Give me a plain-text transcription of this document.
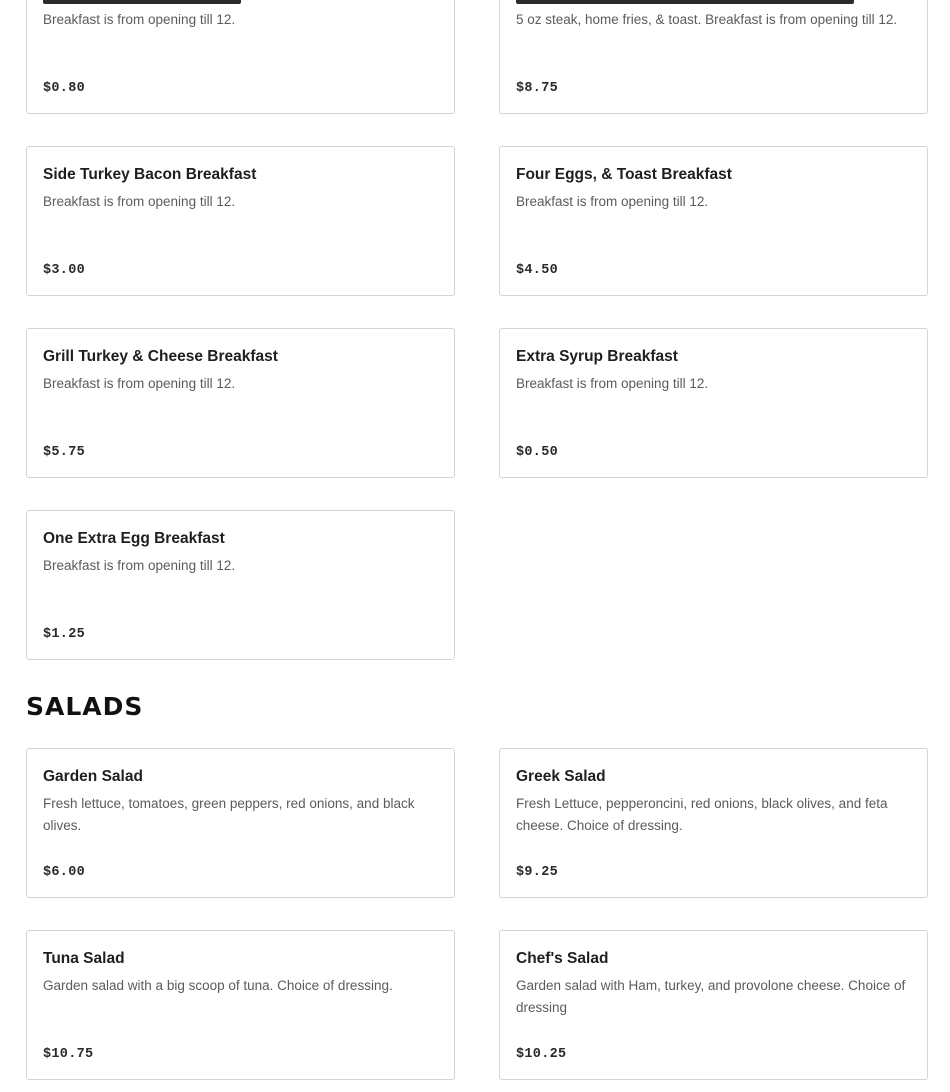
Breakfast is from opening till 12.
$0.80
5 oz steak, home fries, & toast. Breakfast is from opening till 12.
$8.75
Side Turkey Bacon Breakfast
Breakfast is from opening till 12.
$3.00
Four Eggs, & Toast Breakfast
Breakfast is from opening till 12.
$4.50
Grill Turkey & Cheese Breakfast
Breakfast is from opening till 12.
$5.75
Extra Syrup Breakfast
Breakfast is from opening till 12.
$0.50
One Extra Egg Breakfast
Breakfast is from opening till 12.
$1.25
SALADS
Garden Salad
Fresh lettuce, tomatoes, green peppers, red onions, and black olives.
$6.00
Greek Salad
Fresh Lettuce, pepperoncini, red onions, black olives, and feta cheese. Choice of dressing.
$9.25
Tuna Salad
Garden salad with a big scoop of tuna. Choice of dressing.
$10.75
Chef's Salad
Garden salad with Ham, turkey, and provolone cheese. Choice of dressing
$10.25
